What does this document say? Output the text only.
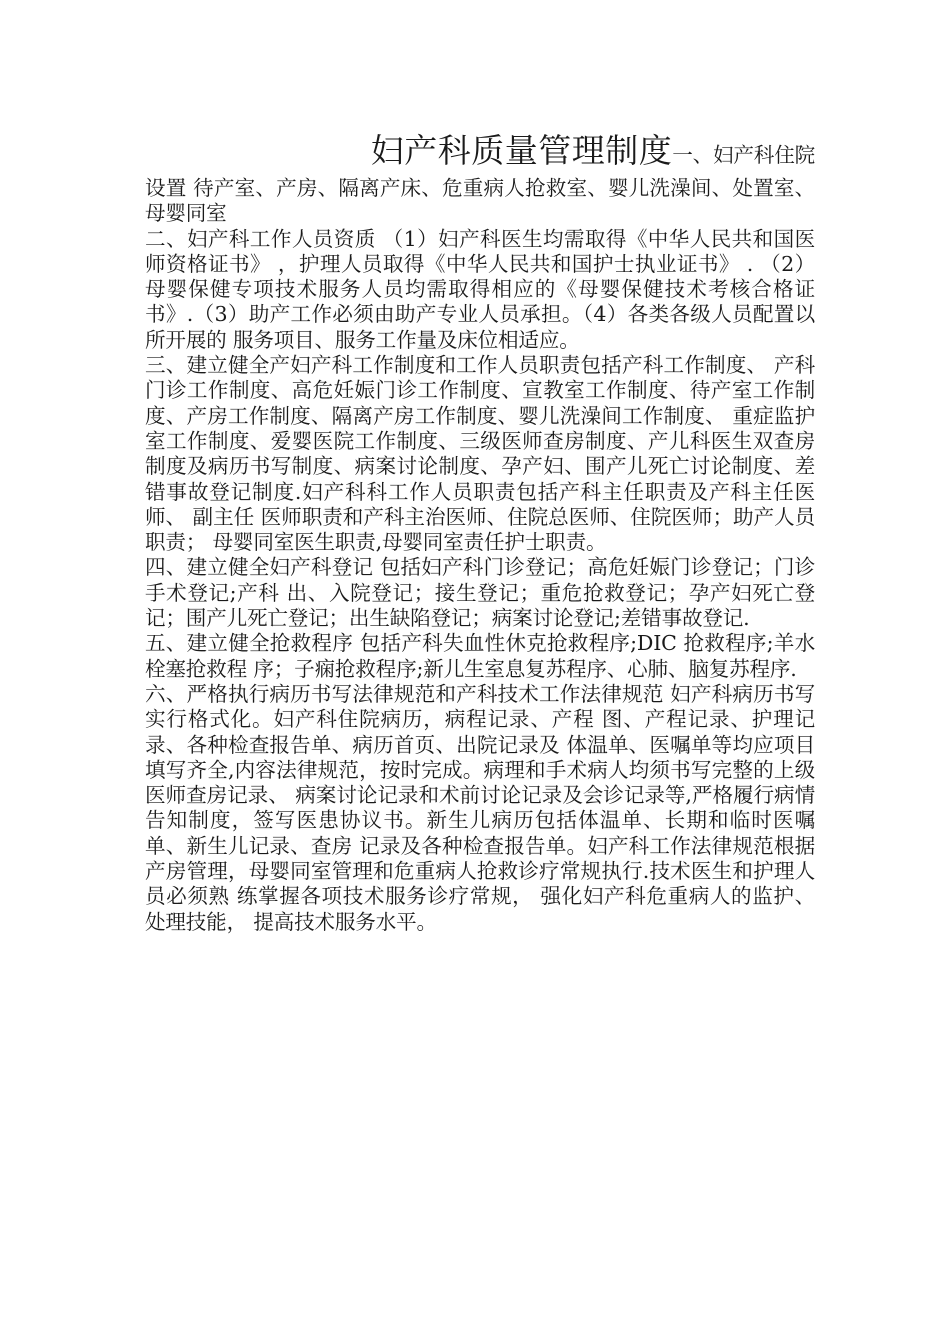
妇产科质量管理制度一、妇产科住院

设置 待产室、产房、隔离产床、危重病人抢救室、婴儿洗澡间、处置室、母婴同室

二、妇产科工作人员资质 （1）妇产科医生均需取得《中华人民共和国医师资格证书》 ，护理人员取得《中华人民共和国护士执业证书》 . （2）母婴保健专项技术服务人员均需取得相应的《母婴保健技术考核合格证书》.（3）助产工作必须由助产专业人员承担。（4）各类各级人员配置以所开展的 服务项目、服务工作量及床位相适应。

三、建立健全产妇产科工作制度和工作人员职责包括产科工作制度、 产科门诊工作制度、高危妊娠门诊工作制度、宣教室工作制度、待产室工作制度、产房工作制度、隔离产房工作制度、婴儿洗澡间工作制度、 重症监护室工作制度、爱婴医院工作制度、三级医师查房制度、产儿科医生双查房制度及病历书写制度、病案讨论制度、孕产妇、围产儿死亡讨论制度、差错事故登记制度.妇产科科工作人员职责包括产科主任职责及产科主任医师、 副主任 医师职责和产科主治医师、住院总医师、住院医师；助产人员职责； 母婴同室医生职责,母婴同室责任护士职责。

四、建立健全妇产科登记 包括妇产科门诊登记；高危妊娠门诊登记；门诊手术登记;产科 出、入院登记；接生登记；重危抢救登记；孕产妇死亡登记；围产儿死亡登记；出生缺陷登记；病案讨论登记;差错事故登记.

五、建立健全抢救程序 包括产科失血性休克抢救程序;DIC 抢救程序;羊水栓塞抢救程 序；子痫抢救程序;新儿生室息复苏程序、心肺、脑复苏程序.

六、严格执行病历书写法律规范和产科技术工作法律规范 妇产科病历书写实行格式化。妇产科住院病历，病程记录、产程 图、产程记录、护理记录、各种检查报告单、病历首页、出院记录及 体温单、医嘱单等均应项目填写齐全,内容法律规范，按时完成。病理和手术病人均须书写完整的上级医师查房记录、 病案讨论记录和术前讨论记录及会诊记录等,严格履行病情告知制度，签写医患协议书。新生儿病历包括体温单、长期和临时医嘱单、新生儿记录、查房 记录及各种检查报告单。妇产科工作法律规范根据产房管理，母婴同室管理和危重病人抢救诊疗常规执行.技术医生和护理人员必须熟 练掌握各项技术服务诊疗常规， 强化妇产科危重病人的监护、 处理技能， 提高技术服务水平。
